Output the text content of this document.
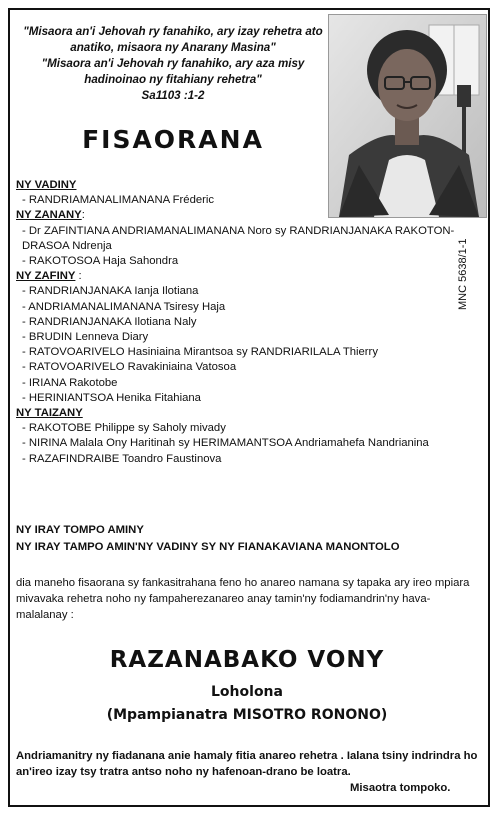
"Misaora an'i Jehovah ry fanahiko, ary izay rehetra ato anatiko, misaora ny Anarany Masina"
"Misaora an'i Jehovah ry fanahiko, ary aza misy hadinoinao ny fitahiany rehetra"
Sa1103 :1-2
FISAORANA
NY VADINY
- RANDRIAMANALIMANANA Fréderic
NY ZANANY:
- Dr ZAFINTIANA ANDRIAMANALIMANANA Noro sy RANDRIANJANAKA RAKOTON-DRASOA Ndrenja
- RAKOTOSOA Haja Sahondra
NY ZAFINY :
- RANDRIANJANAKA Ianja Ilotiana
- ANDRIAMANALIMANANA Tsiresy Haja
- RANDRIANJANAKA Ilotiana Naly
- BRUDIN Lenneva Diary
- RATOVOARIVELO Hasiniaina Mirantsoa sy RANDRIARILALA Thierry
- RATOVOARIVELO Ravakiniaina Vatosoa
- IRIANA Rakotobe
- HERINIANTSOA Henika Fitahiana
NY TAIZANY
- RAKOTOBE Philippe sy Saholy mivady
- NIRINA Malala Ony Haritinah sy HERIMAMANTSOA Andriamahefa Nandrianina
- RAZAFINDRAIBE Toandro Faustinova
MNC 5638/1-1
NY IRAY TOMPO AMINY
NY IRAY TAMPO AMIN'NY VADINY SY NY FIANAKAVIANA MANONTOLO
dia maneho fisaorana sy fankasitrahana feno ho anareo namana sy tapaka ary ireo mpiara mivavaka rehetra noho ny fampaherezanareo anay tamin'ny fodiamandrin'ny hava-malalanay :
RAZANABAKO VONY
Loholona
(Mpampianatra MISOTRO RONONO)
Andriamanitry ny fiadanana anie hamaly fitia anareo rehetra . Ialana tsiny indrindra ho an'ireo izay tsy tratra antso noho ny hafenoan-drano be loatra.
Misaotra tompoko.
